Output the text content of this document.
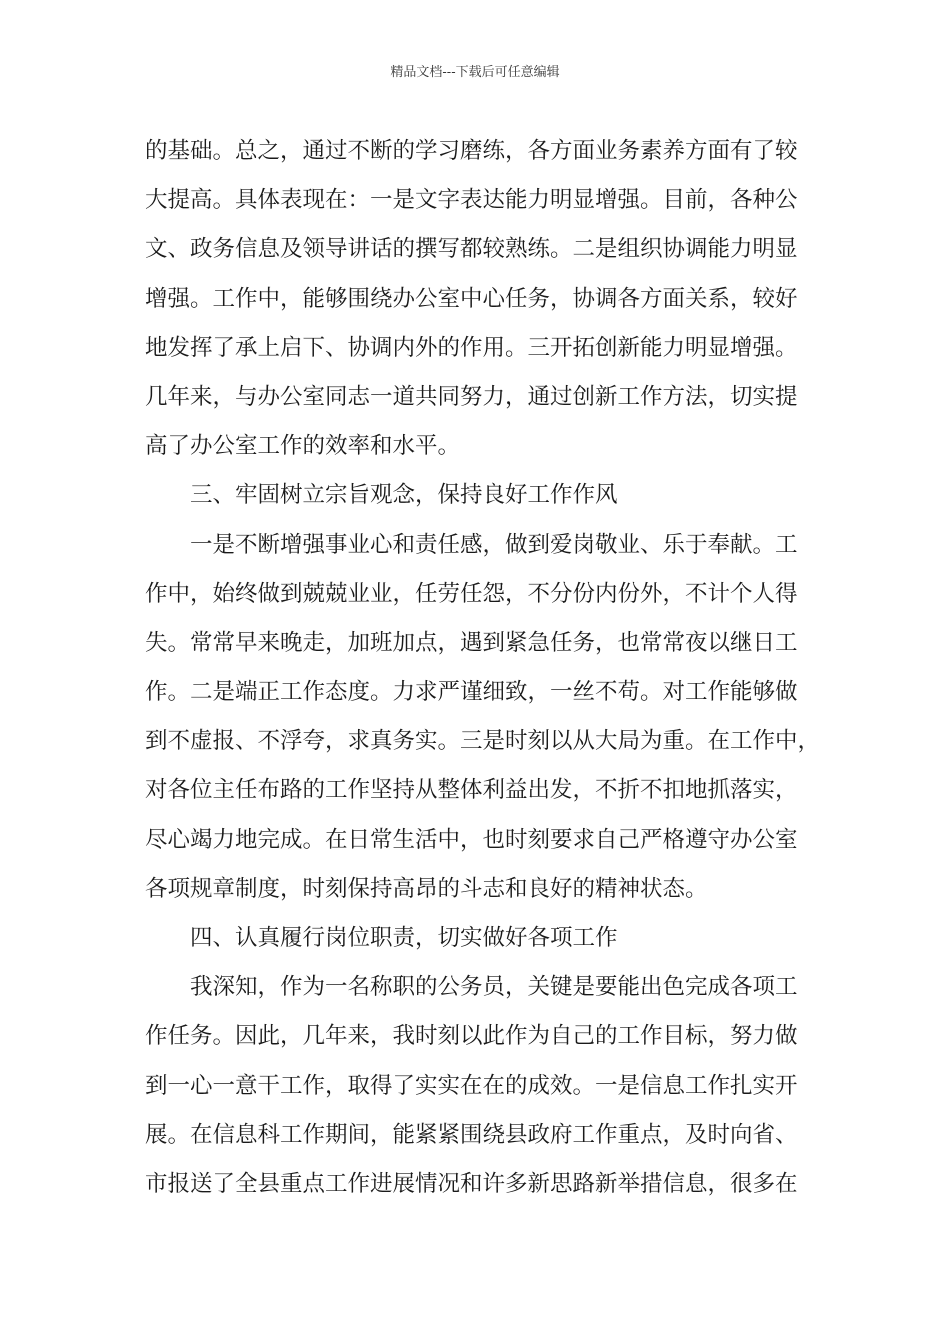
精品文档---下载后可任意编辑
的基础。总之，通过不断的学习磨练，各方面业务素养方面有了较
大提高。具体表现在：一是文字表达能力明显增强。目前，各种公
文、政务信息及领导讲话的撰写都较熟练。二是组织协调能力明显
增强。工作中，能够围绕办公室中心任务，协调各方面关系，较好
地发挥了承上启下、协调内外的作用。三开拓创新能力明显增强。
几年来，与办公室同志一道共同努力，通过创新工作方法，切实提
高了办公室工作的效率和水平。
三、牢固树立宗旨观念，保持良好工作作风
一是不断增强事业心和责任感，做到爱岗敬业、乐于奉献。工
作中，始终做到兢兢业业，任劳任怨，不分份内份外，不计个人得
失。常常早来晚走，加班加点，遇到紧急任务，也常常夜以继日工
作。二是端正工作态度。力求严谨细致，一丝不苟。对工作能够做
到不虚报、不浮夸，求真务实。三是时刻以从大局为重。在工作中，
对各位主任布路的工作坚持从整体利益出发，不折不扣地抓落实，
尽心竭力地完成。在日常生活中，也时刻要求自己严格遵守办公室
各项规章制度，时刻保持高昂的斗志和良好的精神状态。
四、认真履行岗位职责，切实做好各项工作
我深知，作为一名称职的公务员，关键是要能出色完成各项工
作任务。因此，几年来，我时刻以此作为自己的工作目标，努力做
到一心一意干工作，取得了实实在在的成效。一是信息工作扎实开
展。在信息科工作期间，能紧紧围绕县政府工作重点，及时向省、
市报送了全县重点工作进展情况和许多新思路新举措信息，很多在
